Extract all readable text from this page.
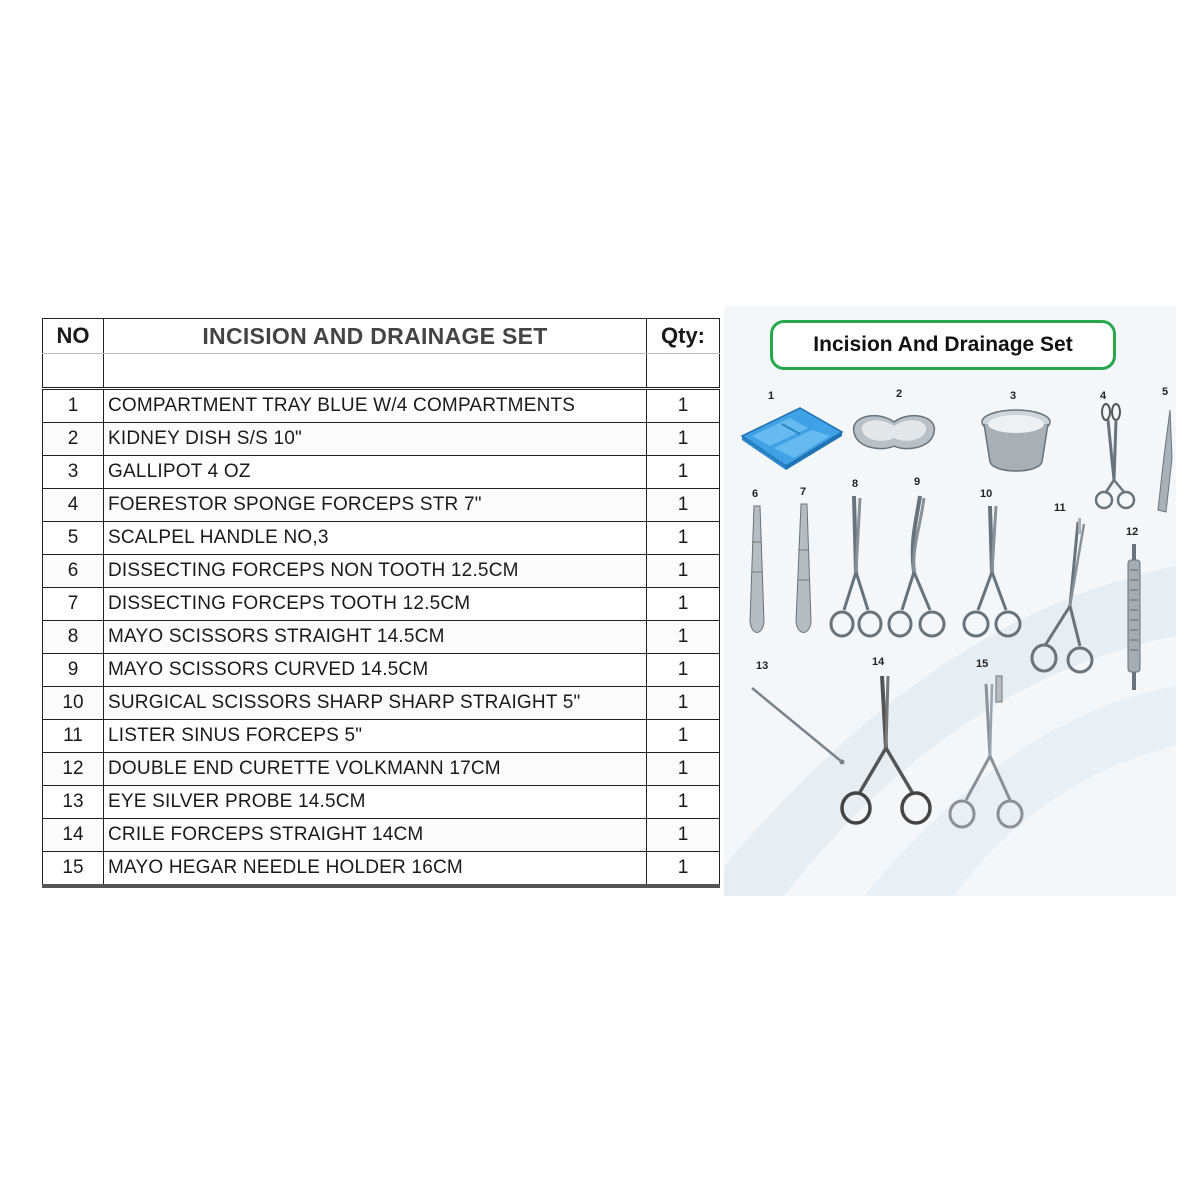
NO	INCISION AND DRAINAGE SET	Qty:

1	COMPARTMENT TRAY BLUE W/4 COMPARTMENTS	1
2	KIDNEY DISH S/S 10"	1
3	GALLIPOT 4 OZ	1
4	FOERESTOR SPONGE FORCEPS STR 7"	1
5	SCALPEL HANDLE NO,3	1
6	DISSECTING FORCEPS NON TOOTH 12.5CM	1
7	DISSECTING FORCEPS TOOTH 12.5CM	1
8	MAYO SCISSORS STRAIGHT 14.5CM	1
9	MAYO SCISSORS CURVED 14.5CM	1
10	SURGICAL SCISSORS SHARP SHARP STRAIGHT 5"	1
11	LISTER SINUS FORCEPS 5"	1
12	DOUBLE END CURETTE VOLKMANN 17CM	1
13	EYE SILVER PROBE 14.5CM	1
14	CRILE FORCEPS STRAIGHT 14CM	1
15	MAYO HEGAR NEEDLE HOLDER 16CM	1
Incision And Drainage Set
1	2	3	4	5
6	7
8	9
10
11
12
13	14	15
